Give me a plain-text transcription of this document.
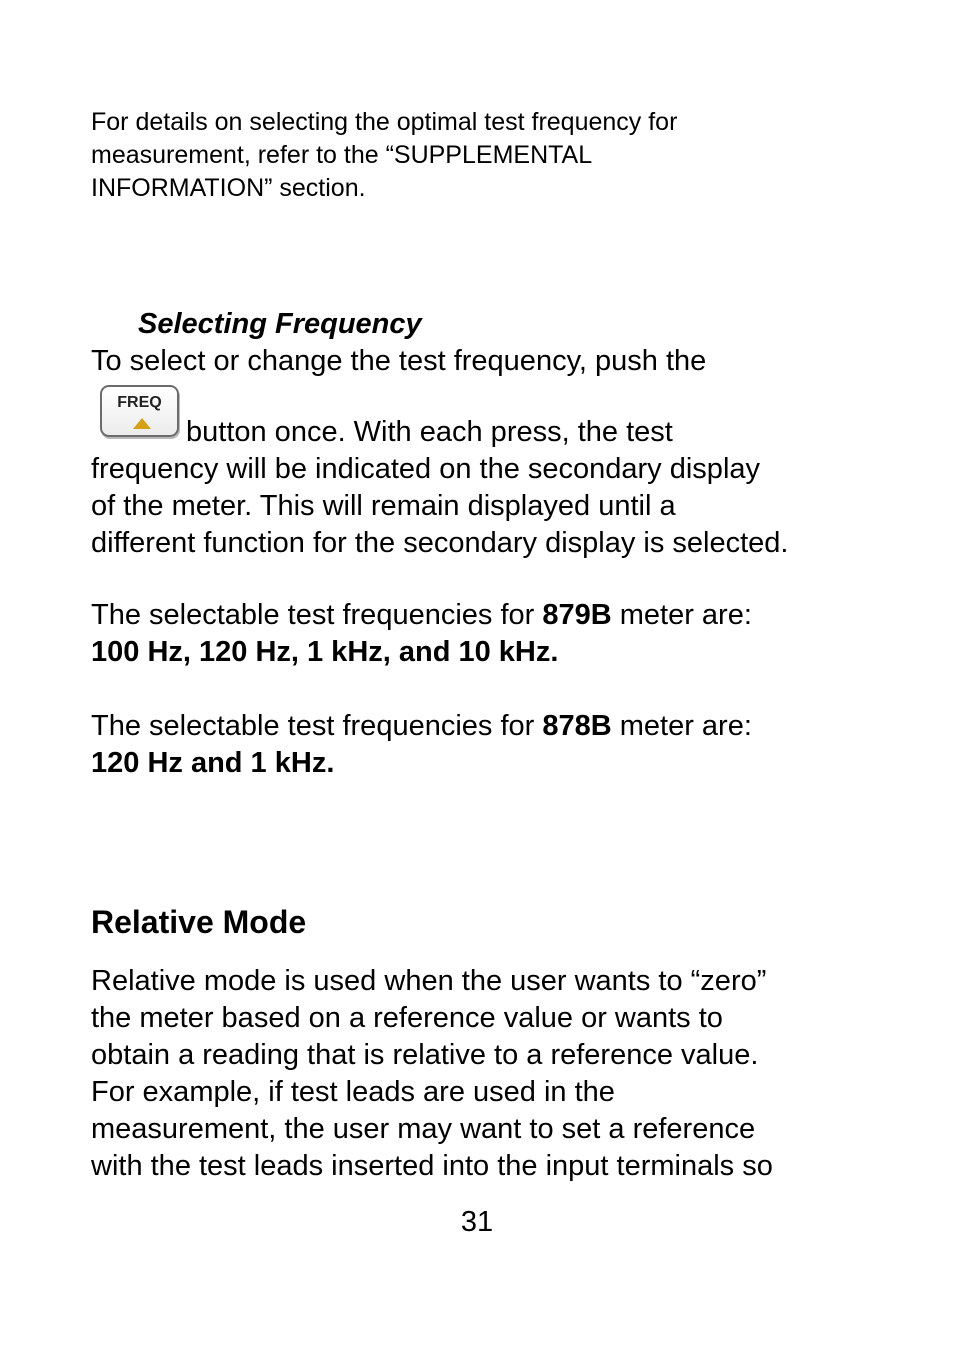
For details on selecting the optimal test frequency for
measurement, refer to the “SUPPLEMENTAL
INFORMATION” section.
Selecting Frequency
To select or change the test frequency, push the
FREQ
button once. With each press, the test
frequency will be indicated on the secondary display
of the meter. This will remain displayed until a
different function for the secondary display is selected.
The selectable test frequencies for 879B meter are:
100 Hz, 120 Hz, 1 kHz, and 10 kHz.
The selectable test frequencies for 878B meter are:
120 Hz and 1 kHz.
Relative Mode
Relative mode is used when the user wants to “zero”
the meter based on a reference value or wants to
obtain a reading that is relative to a reference value.
For example, if test leads are used in the
measurement, the user may want to set a reference
with the test leads inserted into the input terminals so
31
